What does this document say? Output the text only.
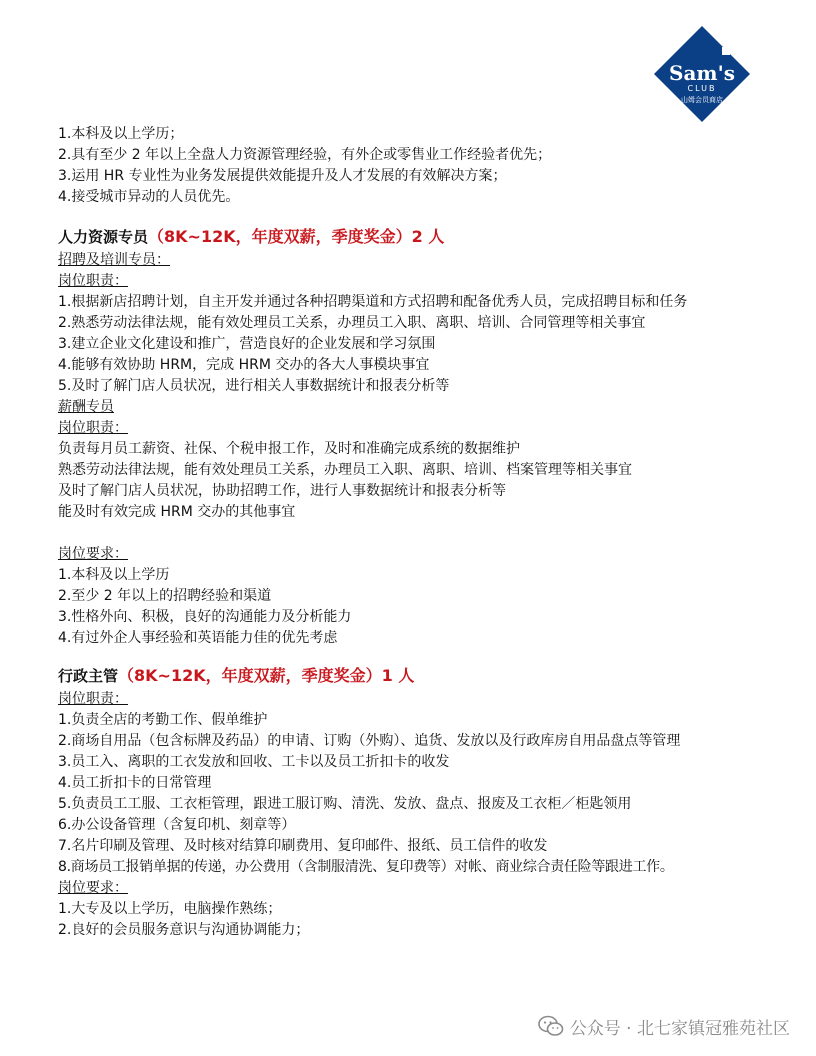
Sam's
CLUB
山姆会员商店
1.本科及以上学历；
2.具有至少 2 年以上全盘人力资源管理经验，有外企或零售业工作经验者优先；
3.运用 HR 专业性为业务发展提供效能提升及人才发展的有效解决方案；
4.接受城市异动的人员优先。
人力资源专员（8K~12K，年度双薪，季度奖金）2 人
招聘及培训专员：
岗位职责：
1.根据新店招聘计划，自主开发并通过各种招聘渠道和方式招聘和配备优秀人员，完成招聘目标和任务
2.熟悉劳动法律法规，能有效处理员工关系，办理员工入职、离职、培训、合同管理等相关事宜
3.建立企业文化建设和推广，营造良好的企业发展和学习氛围
4.能够有效协助 HRM，完成 HRM 交办的各大人事模块事宜
5.及时了解门店人员状况，进行相关人事数据统计和报表分析等
薪酬专员
岗位职责：
负责每月员工薪资、社保、个税申报工作，及时和准确完成系统的数据维护
熟悉劳动法律法规，能有效处理员工关系，办理员工入职、离职、培训、档案管理等相关事宜
及时了解门店人员状况，协助招聘工作，进行人事数据统计和报表分析等
能及时有效完成 HRM 交办的其他事宜
岗位要求：
1.本科及以上学历
2.至少 2 年以上的招聘经验和渠道
3.性格外向、积极，良好的沟通能力及分析能力
4.有过外企人事经验和英语能力佳的优先考虑
行政主管（8K~12K，年度双薪，季度奖金）1 人
岗位职责：
1.负责全店的考勤工作、假单维护
2.商场自用品（包含标牌及药品）的申请、订购（外购）、追货、发放以及行政库房自用品盘点等管理
3.员工入、离职的工衣发放和回收、工卡以及员工折扣卡的收发
4.员工折扣卡的日常管理
5.负责员工工服、工衣柜管理，跟进工服订购、清洗、发放、盘点、报废及工衣柜／柜匙领用
6.办公设备管理（含复印机、刻章等）
7.名片印刷及管理、及时核对结算印刷费用、复印邮件、报纸、员工信件的收发
8.商场员工报销单据的传递，办公费用（含制服清洗、复印费等）对帐、商业综合责任险等跟进工作。
岗位要求：
1.大专及以上学历，电脑操作熟练；
2.良好的会员服务意识与沟通协调能力；
公众号 · 北七家镇冠雅苑社区
